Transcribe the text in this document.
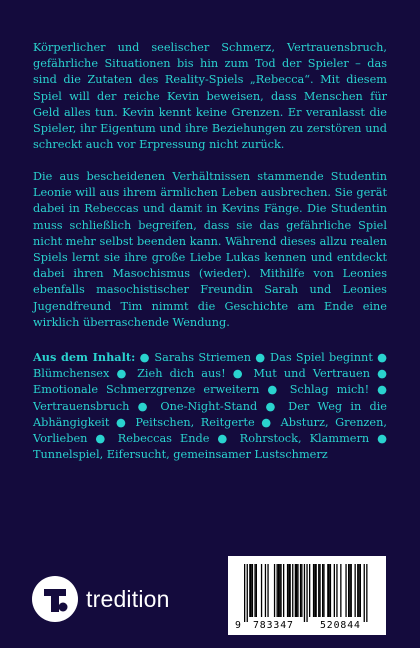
Körperlicher und seelischer Schmerz, Vertrauensbruch, gefährliche Situationen bis hin zum Tod der Spieler – das sind die Zutaten des Reality-Spiels „Rebecca“. Mit diesem Spiel will der reiche Kevin beweisen, dass Menschen für Geld alles tun. Kevin kennt keine Grenzen. Er veranlasst die Spieler, ihr Eigentum und ihre Beziehungen zu zerstören und schreckt auch vor Erpressung nicht zurück.

Die aus bescheidenen Verhältnissen stammende Studentin Leonie will aus ihrem ärmlichen Leben ausbrechen. Sie gerät dabei in Rebeccas und damit in Kevins Fänge. Die Studentin muss schließlich begreifen, dass sie das gefährliche Spiel nicht mehr selbst beenden kann. Während dieses allzu realen Spiels lernt sie ihre große Liebe Lukas kennen und entdeckt dabei ihren Masochismus (wieder). Mithilfe von Leonies ebenfalls masochistischer Freundin Sarah und Leonies Jugendfreund Tim nimmt die Geschichte am Ende eine wirklich überraschende Wendung.

Aus dem Inhalt: ● Sarahs Striemen ● Das Spiel beginnt ● Blümchensex ● Zieh dich aus! ● Mut und Vertrauen ● Emotionale Schmerzgrenze erweitern ● Schlag mich! ● Vertrauensbruch ● One-Night-Stand ● Der Weg in die Abhängigkeit ● Peitschen, Reitgerte ● Absturz, Grenzen, Vorlieben ● Rebeccas Ende ● Rohrstock, Klammern ● Tunnelspiel, Eifersucht, gemeinsamer Lustschmerz

tredition
9 783347	520844
